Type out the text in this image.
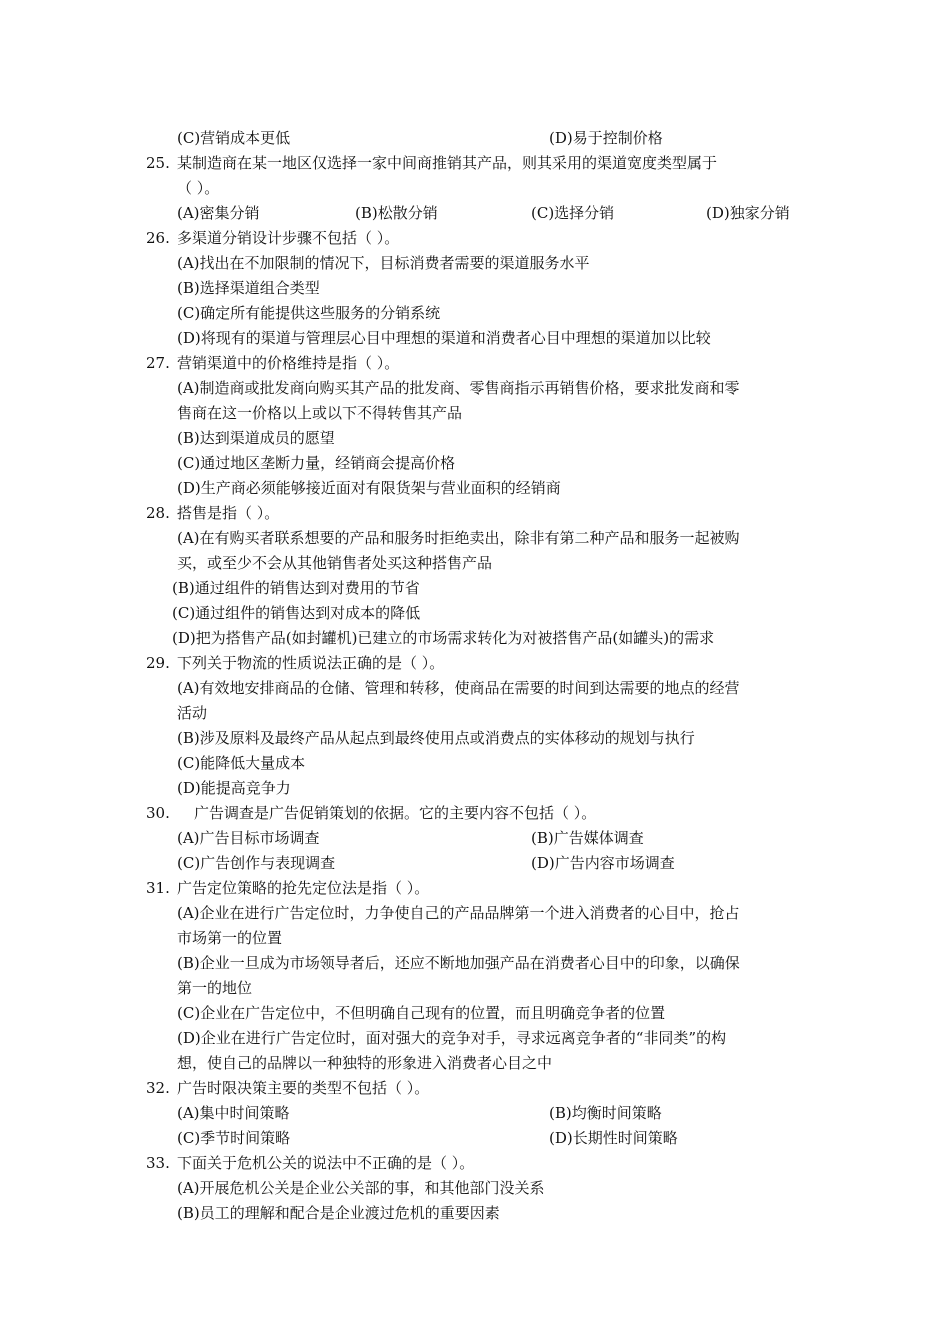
(C)营销成本更低	(D)易于控制价格
25. 某制造商在某一地区仅选择一家中间商推销其产品，则其采用的渠道宽度类型属于
（ ）。
(A)密集分销	(B)松散分销	(C)选择分销	(D)独家分销
26. 多渠道分销设计步骤不包括（ ）。
(A)找出在不加限制的情况下，目标消费者需要的渠道服务水平
(B)选择渠道组合类型
(C)确定所有能提供这些服务的分销系统
(D)将现有的渠道与管理层心目中理想的渠道和消费者心目中理想的渠道加以比较
27. 营销渠道中的价格维持是指（ ）。
(A)制造商或批发商向购买其产品的批发商、零售商指示再销售价格，要求批发商和零
售商在这一价格以上或以下不得转售其产品
(B)达到渠道成员的愿望
(C)通过地区垄断力量，经销商会提高价格
(D)生产商必须能够接近面对有限货架与营业面积的经销商
28. 搭售是指（ ）。
(A)在有购买者联系想要的产品和服务时拒绝卖出，除非有第二种产品和服务一起被购
买，或至少不会从其他销售者处买这种搭售产品
(B)通过组件的销售达到对费用的节省
(C)通过组件的销售达到对成本的降低
(D)把为搭售产品(如封罐机)已建立的市场需求转化为对被搭售产品(如罐头)的需求
29. 下列关于物流的性质说法正确的是（ ）。
(A)有效地安排商品的仓储、管理和转移，使商品在需要的时间到达需要的地点的经营
活动
(B)涉及原料及最终产品从起点到最终使用点或消费点的实体移动的规划与执行
(C)能降低大量成本
(D)能提高竞争力
30. 广告调查是广告促销策划的依据。它的主要内容不包括（ ）。
(A)广告目标市场调查	(B)广告媒体调查
(C)广告创作与表现调查	(D)广告内容市场调查
31. 广告定位策略的抢先定位法是指（ ）。
(A)企业在进行广告定位时，力争使自己的产品品牌第一个进入消费者的心目中，抢占
市场第一的位置
(B)企业一旦成为市场领导者后，还应不断地加强产品在消费者心目中的印象，以确保
第一的地位
(C)企业在广告定位中，不但明确自己现有的位置，而且明确竞争者的位置
(D)企业在进行广告定位时，面对强大的竞争对手，寻求远离竞争者的“非同类”的构
想，使自己的品牌以一种独特的形象进入消费者心目之中
32. 广告时限决策主要的类型不包括（ ）。
(A)集中时间策略	(B)均衡时间策略
(C)季节时间策略	(D)长期性时间策略
33. 下面关于危机公关的说法中不正确的是（ ）。
(A)开展危机公关是企业公关部的事，和其他部门没关系
(B)员工的理解和配合是企业渡过危机的重要因素
